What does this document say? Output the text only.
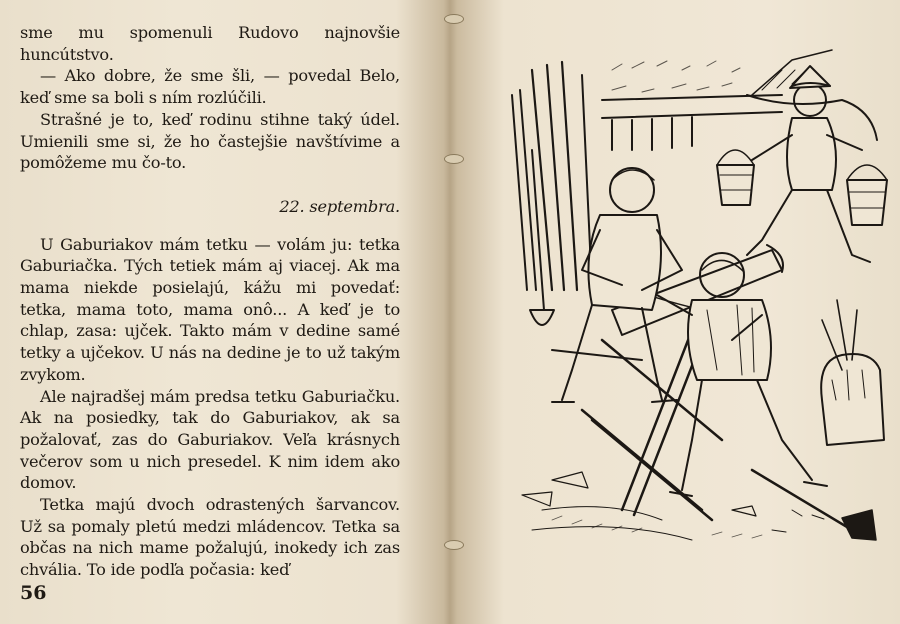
sme mu spomenuli Rudovo najnovšie huncútstvo.

— Ako dobre, že sme šli, — povedal Belo, keď sme sa boli s ním rozlúčili.

Strašné je to, keď rodinu stihne taký údel. Umienili sme si, že ho častejšie navštívime a pomôžeme mu čo-to.

22. septembra.

U Gaburiakov mám tetku — volám ju: tetka Gaburiačka. Tých tetiek mám aj viacej. Ak ma mama niekde posielajú, kážu mi povedať: tetka, mama toto, mama onô... A keď je to chlap, zasa: ujček. Takto mám v dedine samé tetky a ujčekov. U nás na dedine je to už takým zvykom.

Ale najradšej mám predsa tetku Gaburiačku. Ak na posiedky, tak do Gaburiakov, ak sa požalovať, zas do Gaburiakov. Veľa krásnych večerov som u nich presedel. K nim idem ako domov.

Tetka majú dvoch odrastených šarvancov. Už sa pomaly pletú medzi mládencov. Tetka sa občas na nich mame požalujú, inokedy ich zas chvália. To ide podľa počasia: keď

56
